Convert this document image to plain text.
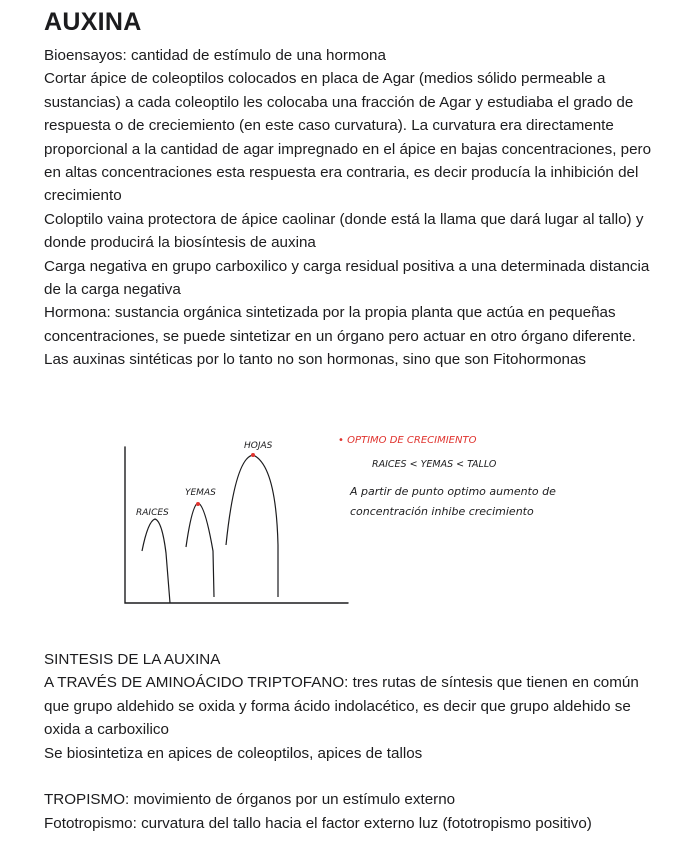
AUXINA

Bioensayos: cantidad de estímulo de una hormona

Cortar ápice de coleoptilos colocados en placa de Agar (medios sólido permeable a sustancias) a cada coleoptilo les colocaba una fracción de Agar y estudiaba el grado de respuesta o de creciemiento (en este caso curvatura). La curvatura era directamente proporcional a la cantidad de agar impregnado en el ápice en bajas concentraciones, pero en altas concentraciones esta respuesta era contraria, es decir producía la inhibición del crecimiento

Coloptilo vaina protectora de ápice caolinar (donde está la llama que dará lugar al tallo) y donde producirá la biosíntesis de auxina

Carga negativa en grupo carboxilico y carga residual positiva a una determinada distancia de la carga negativa

Hormona: sustancia orgánica sintetizada por la propia planta que actúa en pequeñas concentraciones, se puede sintetizar en un órgano pero actuar en otro órgano diferente.

Las auxinas sintéticas por lo tanto no son hormonas, sino que son Fitohormonas

RAICES
YEMAS
HOJAS	• OPTIMO DE CRECIMIENTO
RAICES < YEMAS < TALLO
A partir de punto optimo aumento de
concentración inhibe crecimiento

SINTESIS DE LA AUXINA

A TRAVÉS DE AMINOÁCIDO TRIPTOFANO: tres rutas de síntesis que tienen en común que grupo aldehido se oxida y forma ácido indolacético, es decir que grupo aldehido se oxida a carboxilico

Se biosintetiza en apices de coleoptilos, apices de tallos

TROPISMO: movimiento de órganos por un estímulo externo

Fototropismo: curvatura del tallo hacia el factor externo luz (fototropismo positivo)
